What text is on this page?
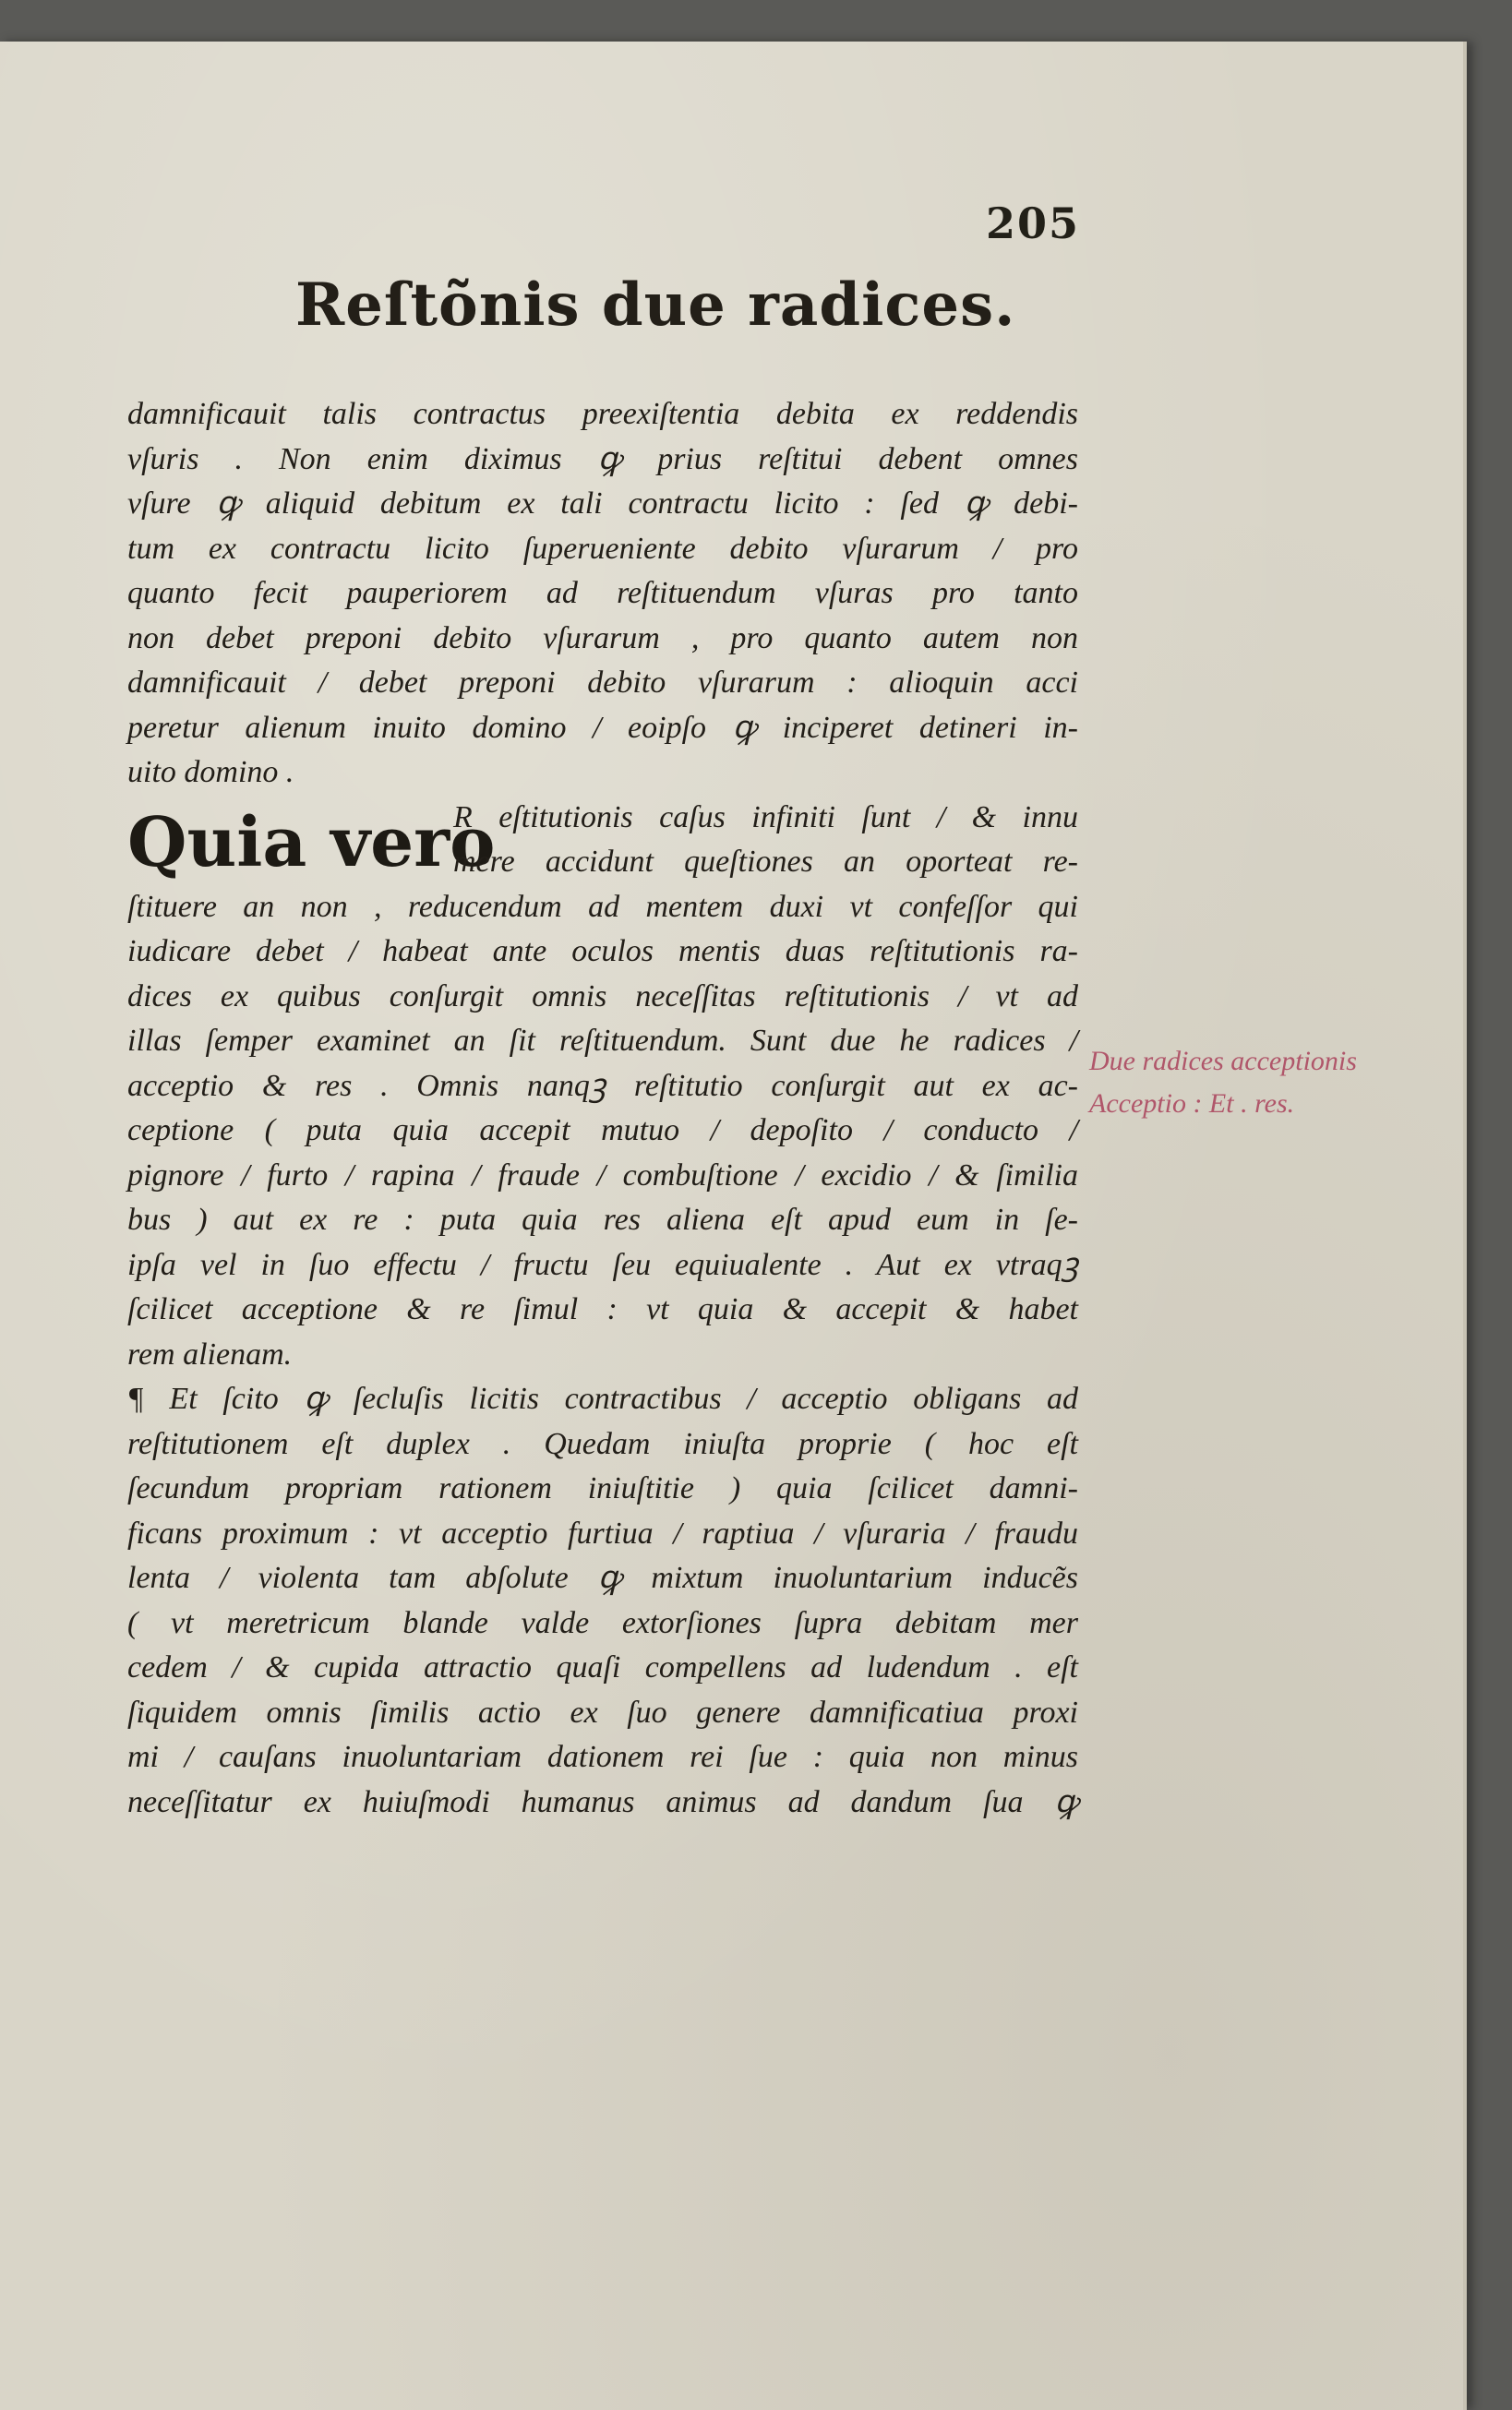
205
Reſtõnis due radices.
damnificauit talis contractus preexiſtentia debita ex reddendis
vſuris . Non enim diximus ꝙ prius reſtitui debent omnes
vſure ꝙ aliquid debitum ex tali contractu licito : ſed ꝙ debi-
tum ex contractu licito ſuperueniente debito vſurarum / pro
quanto fecit pauperiorem ad reſtituendum vſuras pro tanto
non debet preponi debito vſurarum , pro quanto autem non
damnificauit / debet preponi debito vſurarum : alioquin acci
peretur alienum inuito domino / eoipſo ꝙ inciperet detineri in-
uito domino .
Quia vero
R eſtitutionis caſus infiniti ſunt / & innu
mere accidunt queſtiones an oporteat re-
ſtituere an non , reducendum ad mentem duxi vt confeſſor qui
iudicare debet / habeat ante oculos mentis duas reſtitutionis ra-
dices ex quibus conſurgit omnis neceſſitas reſtitutionis / vt ad
illas ſemper examinet an ſit reſtituendum. Sunt due he radices /
acceptio & res . Omnis nanqꝫ reſtitutio conſurgit aut ex ac-
ceptione ( puta quia accepit mutuo / depoſito / conducto /
pignore / furto / rapina / fraude / combuſtione / excidio / & ſimilia
bus ) aut ex re : puta quia res aliena eſt apud eum in ſe-
ipſa vel in ſuo effectu / fructu ſeu equiualente . Aut ex vtraqꝫ
ſcilicet acceptione & re ſimul : vt quia & accepit & habet
rem alienam.
¶ Et ſcito ꝙ ſecluſis licitis contractibus / acceptio obligans ad
reſtitutionem eſt duplex . Quedam iniuſta proprie ( hoc eſt
ſecundum propriam rationem iniuſtitie ) quia ſcilicet damni-
ficans proximum : vt acceptio furtiua / raptiua / vſuraria / fraudu
lenta / violenta tam abſolute ꝙ mixtum inuoluntarium inducẽs
( vt meretricum blande valde extorſiones ſupra debitam mer
cedem / & cupida attractio quaſi compellens ad ludendum . eſt
ſiquidem omnis ſimilis actio ex ſuo genere damnificatiua proxi
mi / cauſans inuoluntariam dationem rei ſue : quia non minus
neceſſitatur ex huiuſmodi humanus animus ad dandum ſua ꝙ
Due radices acceptionis
Acceptio : Et . res.
